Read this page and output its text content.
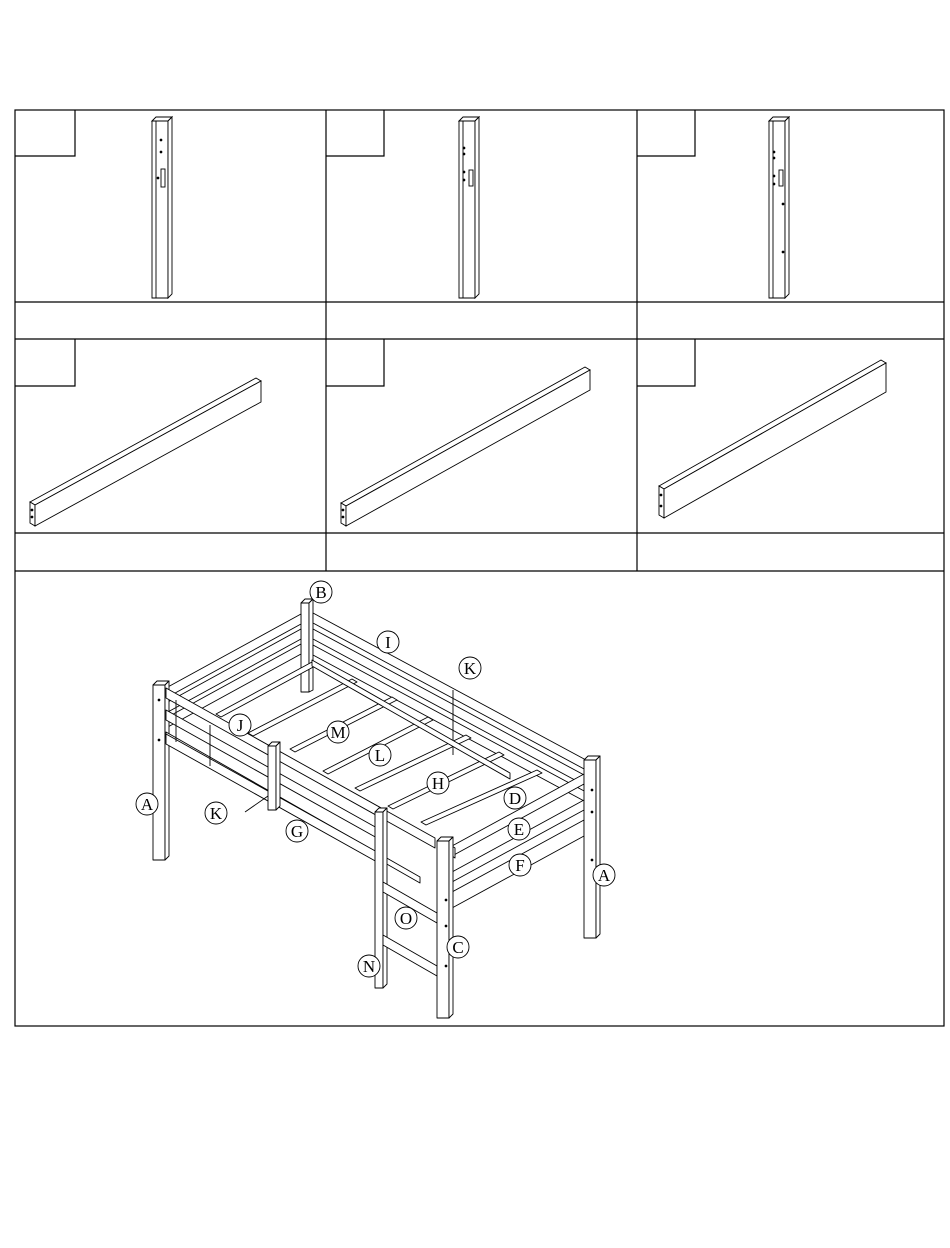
B
I
K
J	M
L
H
D
E
F
A
A
K
G
O
C
N
